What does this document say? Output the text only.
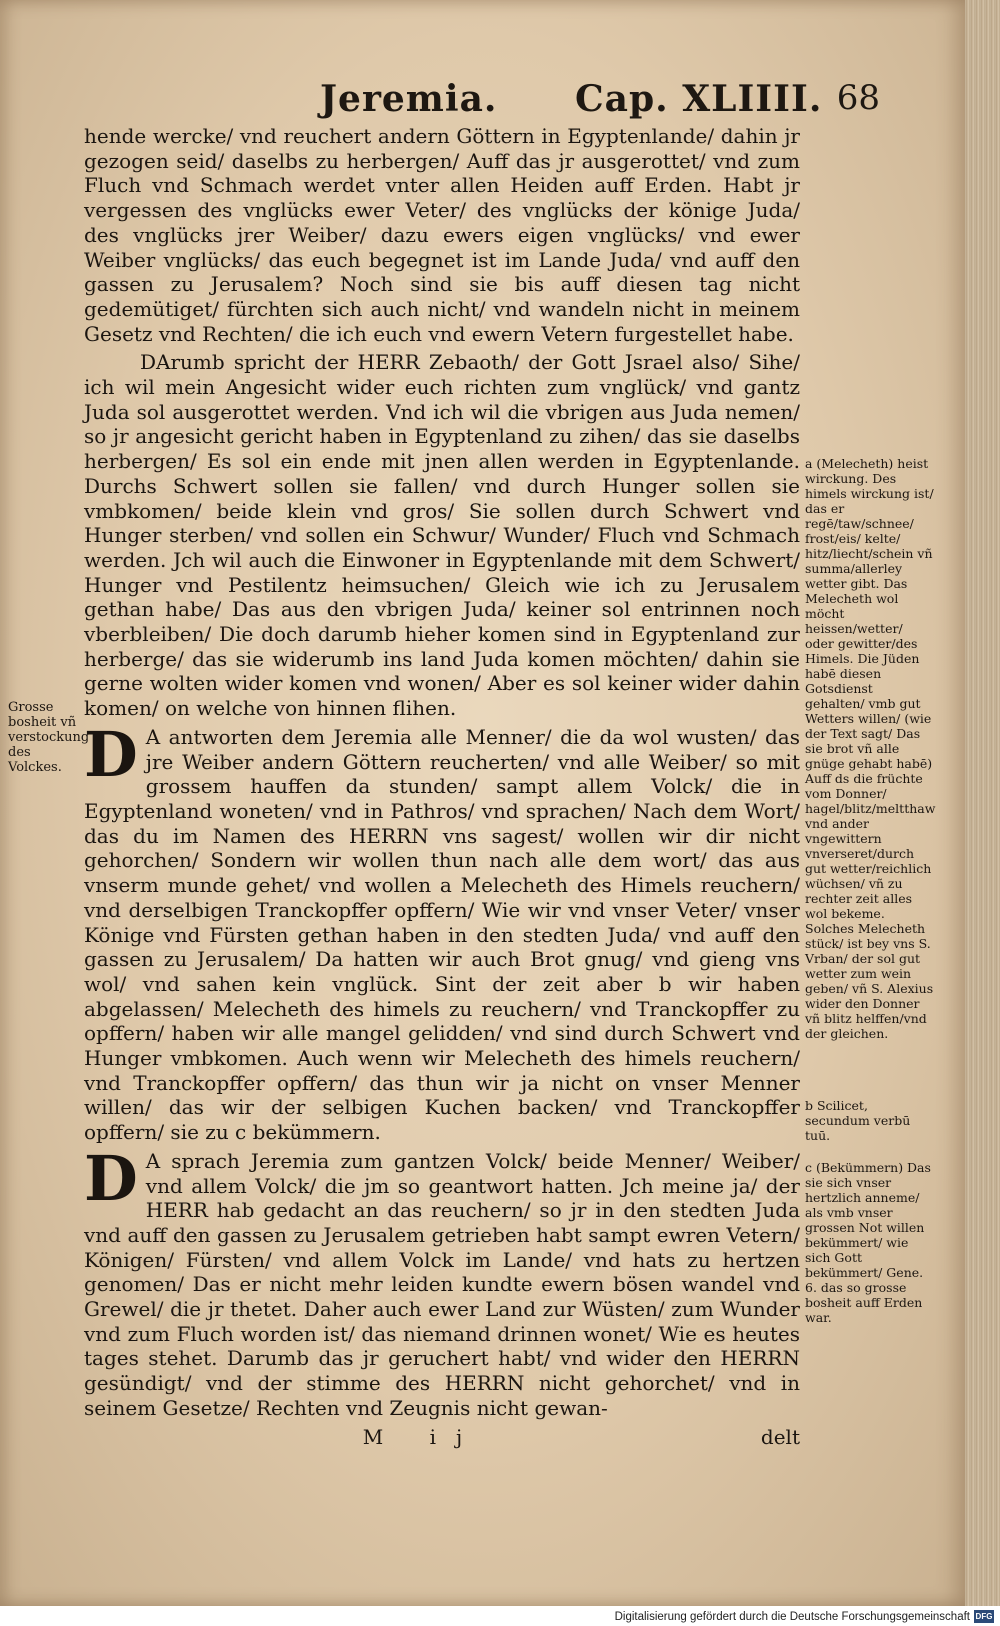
Jeremia. Cap. XLIIII. 68

hende wercke/ vnd reuchert andern Göttern in Egyptenlande/ dahin jr gezogen seid/ daselbs zu herbergen/ Auff das jr ausgerottet/ vnd zum Fluch vnd Schmach werdet vnter allen Heiden auff Erden. Habt jr vergessen des vnglücks ewer Veter/ des vnglücks der könige Juda/ des vnglücks jrer Weiber/ dazu ewers eigen vnglücks/ vnd ewer Weiber vnglücks/ das euch begegnet ist im Lande Juda/ vnd auff den gassen zu Jerusalem? Noch sind sie bis auff diesen tag nicht gedemütiget/ fürchten sich auch nicht/ vnd wandeln nicht in meinem Gesetz vnd Rechten/ die ich euch vnd ewern Vetern furgestellet habe.

DArumb spricht der HERR Zebaoth/ der Gott Jsrael also/ Sihe/ ich wil mein Angesicht wider euch richten zum vnglück/ vnd gantz Juda sol ausgerottet werden. Vnd ich wil die vbrigen aus Juda nemen/ so jr angesicht gericht haben in Egyptenland zu zihen/ das sie daselbs herbergen/ Es sol ein ende mit jnen allen werden in Egyptenlande. Durchs Schwert sollen sie fallen/ vnd durch Hunger sollen sie vmbkomen/ beide klein vnd gros/ Sie sollen durch Schwert vnd Hunger sterben/ vnd sollen ein Schwur/ Wunder/ Fluch vnd Schmach werden. Jch wil auch die Einwoner in Egyptenlande mit dem Schwert/ Hunger vnd Pestilentz heimsuchen/ Gleich wie ich zu Jerusalem gethan habe/ Das aus den vbrigen Juda/ keiner sol entrinnen noch vberbleiben/ Die doch darumb hieher komen sind in Egyptenland zur herberge/ das sie widerumb ins land Juda komen möchten/ dahin sie gerne wolten wider komen vnd wonen/ Aber es sol keiner wider dahin komen/ on welche von hinnen flihen.

DA antworten dem Jeremia alle Menner/ die da wol wusten/ das jre Weiber andern Göttern reucherten/ vnd alle Weiber/ so mit grossem hauffen da stunden/ sampt allem Volck/ die in Egyptenland woneten/ vnd in Pathros/ vnd sprachen/ Nach dem Wort/ das du im Namen des HERRN vns sagest/ wollen wir dir nicht gehorchen/ Sondern wir wollen thun nach alle dem wort/ das aus vnserm munde gehet/ vnd wollen a Melecheth des Himels reuchern/ vnd derselbigen Tranckopffer opffern/ Wie wir vnd vnser Veter/ vnser Könige vnd Fürsten gethan haben in den stedten Juda/ vnd auff den gassen zu Jerusalem/ Da hatten wir auch Brot gnug/ vnd gieng vns wol/ vnd sahen kein vnglück. Sint der zeit aber b wir haben abgelassen/ Melecheth des himels zu reuchern/ vnd Tranckopffer zu opffern/ haben wir alle mangel gelidden/ vnd sind durch Schwert vnd Hunger vmbkomen. Auch wenn wir Melecheth des himels reuchern/ vnd Tranckopffer opffern/ das thun wir ja nicht on vnser Menner willen/ das wir der selbigen Kuchen backen/ vnd Tranckopffer opffern/ sie zu c bekümmern.

DA sprach Jeremia zum gantzen Volck/ beide Menner/ Weiber/ vnd allem Volck/ die jm so geantwort hatten. Jch meine ja/ der HERR hab gedacht an das reuchern/ so jr in den stedten Juda vnd auff den gassen zu Jerusalem getrieben habt sampt ewren Vetern/ Königen/ Fürsten/ vnd allem Volck im Lande/ vnd hats zu hertzen genomen/ Das er nicht mehr leiden kundte ewern bösen wandel vnd Grewel/ die jr thetet. Daher auch ewer Land zur Wüsten/ zum Wunder vnd zum Fluch worden ist/ das niemand drinnen wonet/ Wie es heutes tages stehet. Darumb das jr geruchert habt/ vnd wider den HERRN gesündigt/ vnd der stimme des HERRN nicht gehorchet/ vnd in seinem Gesetze/ Rechten vnd Zeugnis nicht gewan-

M ij	delt
a (Melecheth) heist wirckung. Des himels wirckung ist/ das er regē/taw/schnee/ frost/eis/ kelte/ hitz/liecht/schein vñ summa/allerley wetter gibt. Das Melecheth wol möcht heissen/wetter/ oder gewitter/des Himels. Die Jüden habē diesen Gotsdienst gehalten/ vmb gut Wetters willen/ (wie der Text sagt/ Das sie brot vñ alle gnüge gehabt habē) Auff ds die früchte vom Donner/ hagel/blitz/meltthaw vnd ander vngewittern vnverseret/durch gut wetter/reichlich wüchsen/ vñ zu rechter zeit alles wol bekeme. Solches Melecheth stück/ ist bey vns S. Vrban/ der sol gut wetter zum wein geben/ vñ S. Alexius wider den Donner vñ blitz helffen/vnd der gleichen.
b Scilicet, secundum verbū tuū.
c (Bekümmern) Das sie sich vnser hertzlich anneme/ als vmb vnser grossen Not willen bekümmert/ wie sich Gott bekümmert/ Gene. 6. das so grosse bosheit auff Erden war.
Grosse bosheit vñ verstockung des Volckes.
Digitalisierung gefördert durch die Deutsche Forschungsgemeinschaft DFG
